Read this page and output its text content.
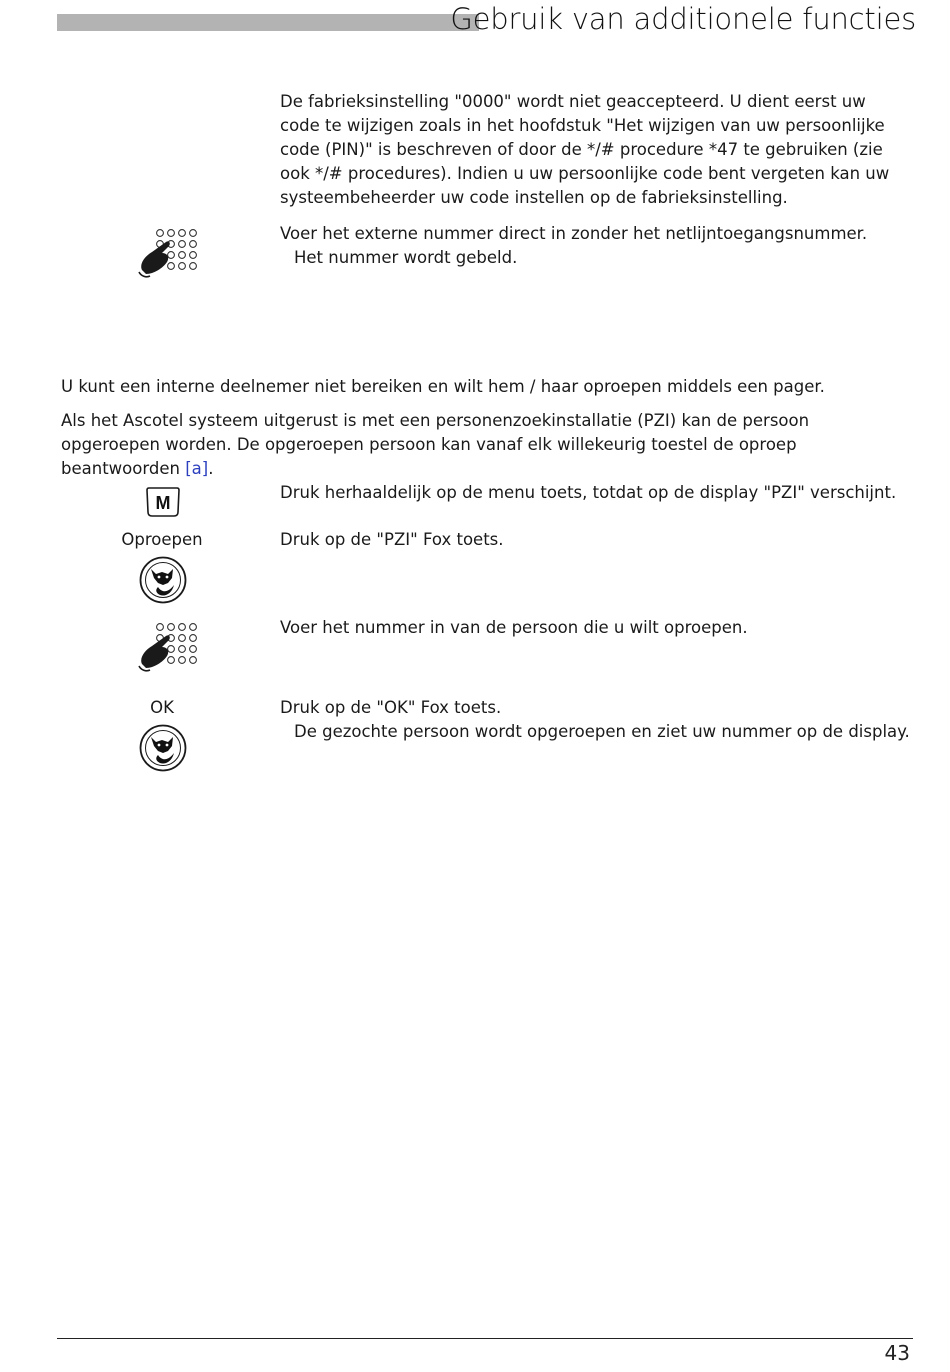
Gebruik van additionele functies
De fabrieksinstelling "0000" wordt niet geaccepteerd. U dient eerst uw code te wijzigen zoals in het hoofdstuk "Het wijzigen van uw persoonlijke code (PIN)" is beschreven of door de */# procedure *47 te gebruiken (zie ook */# procedures). Indien u uw persoonlijke code bent vergeten kan uw systeembeheerder uw code instellen op de fabrieksinstelling.
Voer het externe nummer direct in zonder het netlijntoegangsnummer.
Het nummer wordt gebeld.
U kunt een interne deelnemer niet bereiken en wilt hem / haar oproepen middels een pager.
Als het Ascotel systeem uitgerust is met een personenzoekinstallatie (PZI) kan de persoon opgeroepen worden. De opgeroepen persoon kan vanaf elk willekeurig toestel de oproep beantwoorden [a].
M
Druk herhaaldelijk op de menu toets, totdat op de display "PZI" verschijnt.
Oproepen	Druk op de "PZI" Fox toets.
Voer het nummer in van de persoon die u wilt oproepen.
OK	Druk op de "OK" Fox toets.
De gezochte persoon wordt opgeroepen en ziet uw nummer op de display.
43
